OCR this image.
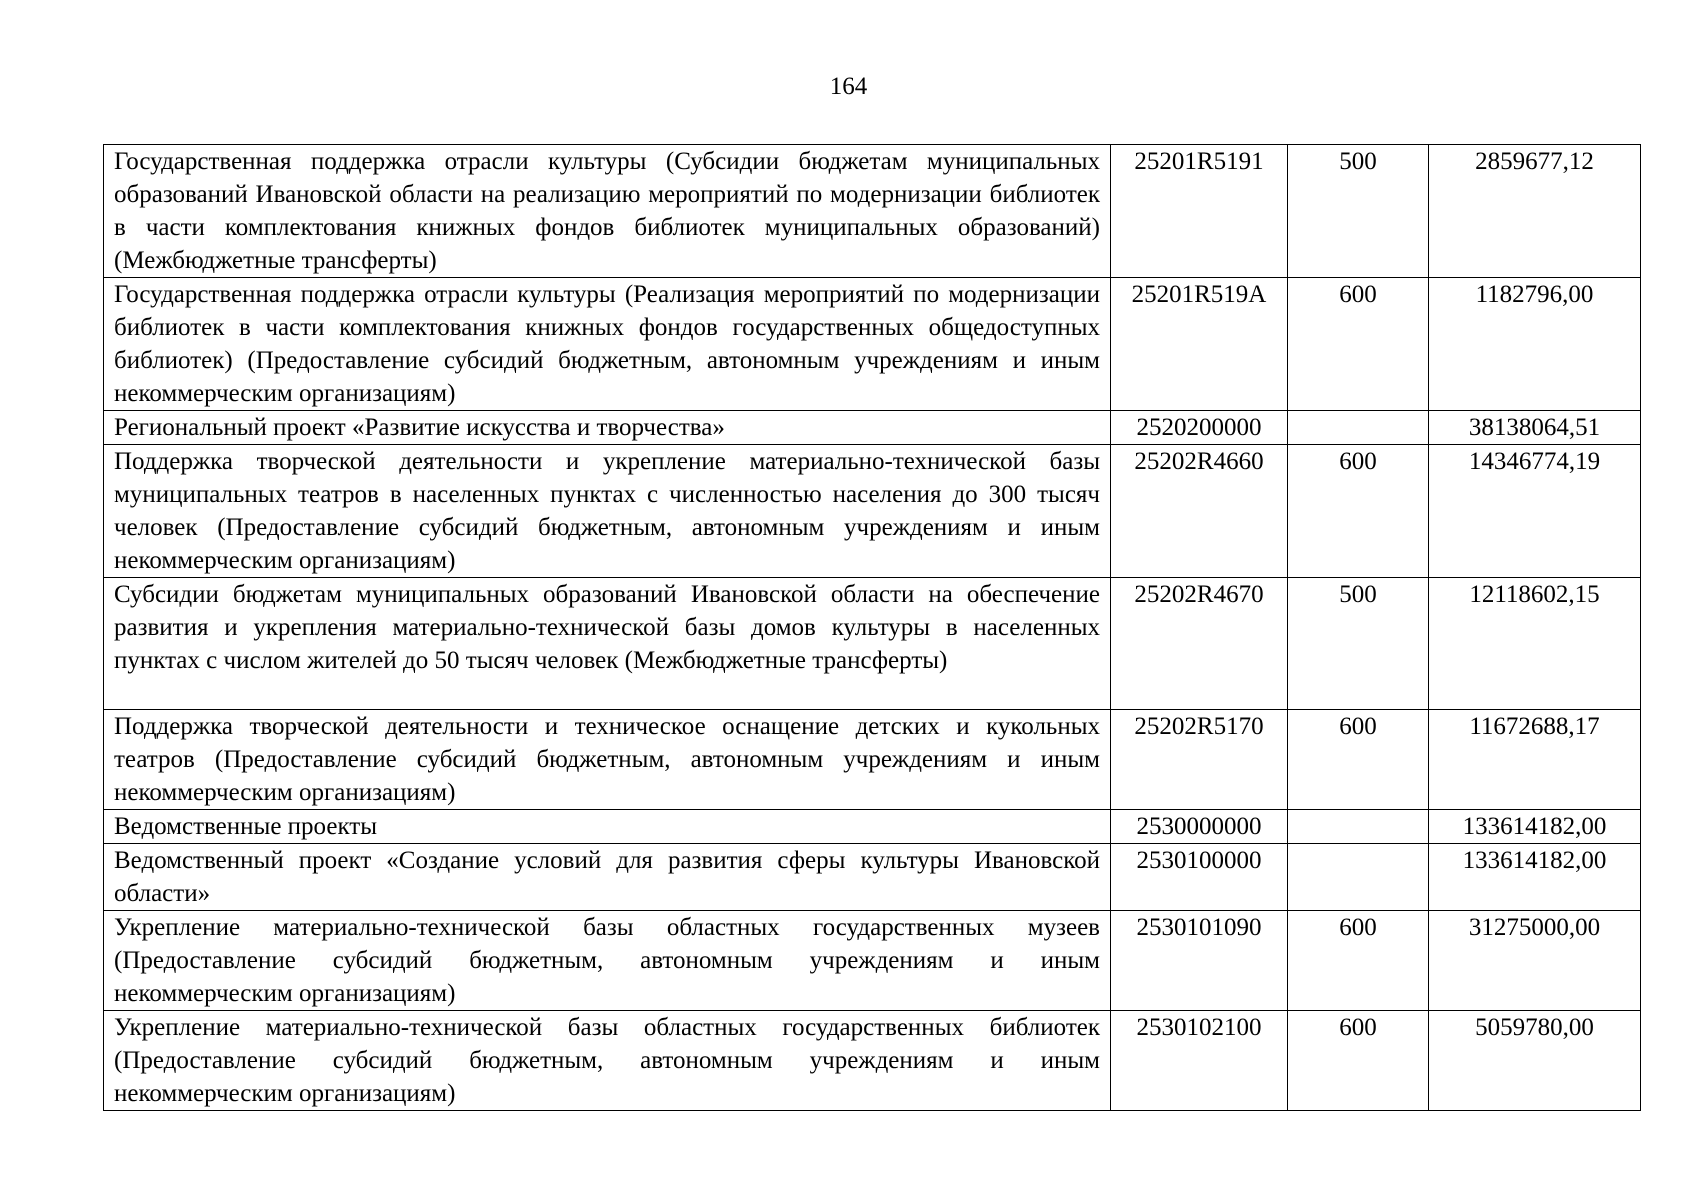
164
Государственная поддержка отрасли культуры (Субсидии бюджетам муниципальных образований Ивановской области на реализацию мероприятий по модернизации библиотек в части комплектования книжных фондов библиотек муниципальных образований) (Межбюджетные трансферты)	25201R5191	500	2859677,12
Государственная поддержка отрасли культуры (Реализация мероприятий по модернизации библиотек в части комплектования книжных фондов государственных общедоступных библиотек) (Предоставление субсидий бюджетным, автономным учреждениям и иным некоммерческим организациям)	25201R519A	600	1182796,00
Региональный проект «Развитие искусства и творчества»	2520200000		38138064,51
Поддержка творческой деятельности и укрепление материально-технической базы муниципальных театров в населенных пунктах с численностью населения до 300 тысяч человек (Предоставление субсидий бюджетным, автономным учреждениям и иным некоммерческим организациям)	25202R4660	600	14346774,19
Субсидии бюджетам муниципальных образований Ивановской области на обеспечение развития и укрепления материально-технической базы домов культуры в населенных пунктах с числом жителей до 50 тысяч человек (Межбюджетные трансферты)	25202R4670	500	12118602,15
Поддержка творческой деятельности и техническое оснащение детских и кукольных театров (Предоставление субсидий бюджетным, автономным учреждениям и иным некоммерческим организациям)	25202R5170	600	11672688,17
Ведомственные проекты	2530000000		133614182,00
Ведомственный проект «Создание условий для развития сферы культуры Ивановской области»	2530100000		133614182,00
Укрепление материально-технической базы областных государственных музеев (Предоставление субсидий бюджетным, автономным учреждениям и иным некоммерческим организациям)	2530101090	600	31275000,00
Укрепление материально-технической базы областных государственных библиотек (Предоставление субсидий бюджетным, автономным учреждениям и иным некоммерческим организациям)	2530102100	600	5059780,00
